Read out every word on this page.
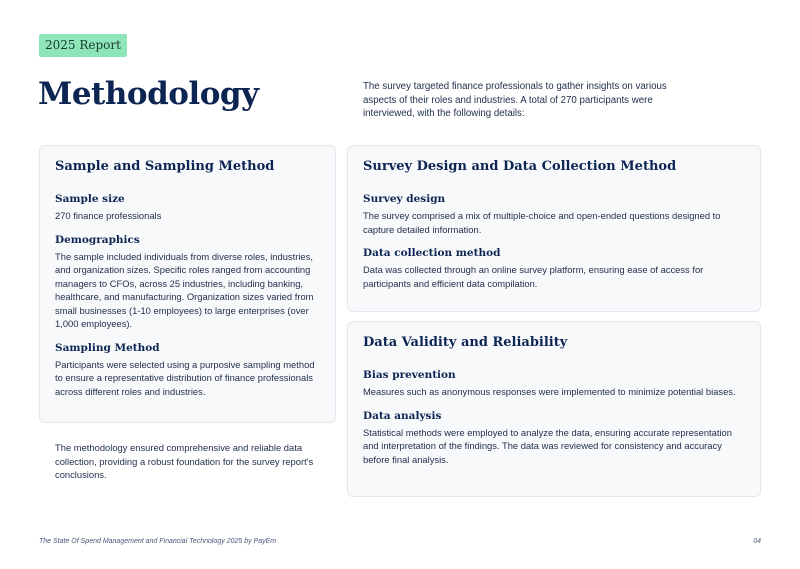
2025 Report
Methodology	The survey targeted finance professionals to gather insights on various aspects of their roles and industries. A total of 270 participants were interviewed, with the following details:

Sample and Sampling Method
Sample size

270 finance professionals

Demographics

The sample included individuals from diverse roles, industries, and organization sizes. Specific roles ranged from accounting managers to CFOs, across 25 industries, including banking, healthcare, and manufacturing. Organization sizes varied from small businesses (1-10 employees) to large enterprises (over 1,000 employees).

Sampling Method

Participants were selected using a purposive sampling method to ensure a representative distribution of finance professionals across different roles and industries.

Survey Design and Data Collection Method
Survey design

The survey comprised a mix of multiple-choice and open-ended questions designed to capture detailed information.

Data collection method

Data was collected through an online survey platform, ensuring ease of access for participants and efficient data compilation.

Data Validity and Reliability
Bias prevention

Measures such as anonymous responses were implemented to minimize potential biases.

Data analysis

Statistical methods were employed to analyze the data, ensuring accurate representation and interpretation of the findings. The data was reviewed for consistency and accuracy before final analysis.

The methodology ensured comprehensive and reliable data collection, providing a robust foundation for the survey report's conclusions.

The State Of Spend Management and Financial Technology 2025 by PayEm	04
